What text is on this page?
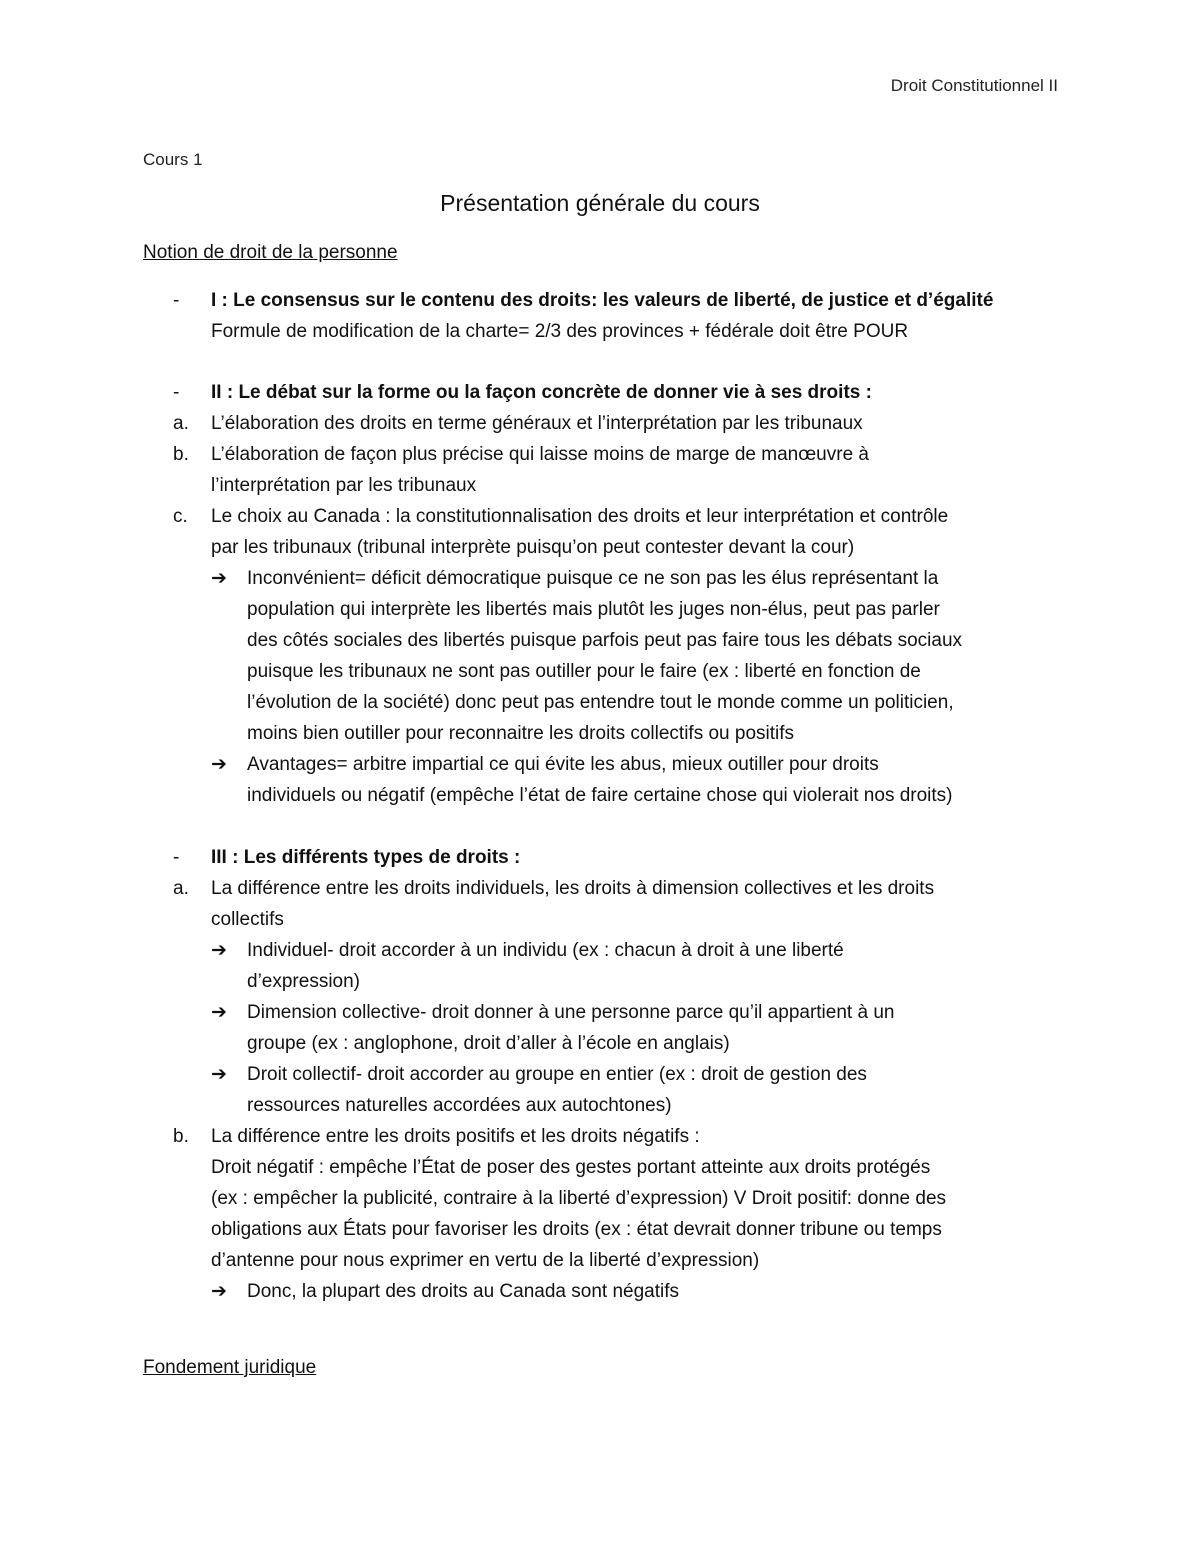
Droit Constitutionnel II

Cours 1

Présentation générale du cours

Notion de droit de la personne

-	I : Le consensus sur le contenu des droits: les valeurs de liberté, de justice et d’égalité
Formule de modification de la charte= 2/3 des provinces + fédérale doit être POUR
-	II : Le débat sur la forme ou la façon concrète de donner vie à ses droits :
a.	L’élaboration des droits en terme généraux et l’interprétation par les tribunaux
b.	L’élaboration de façon plus précise qui laisse moins de marge de manœuvre à
l’interprétation par les tribunaux
c.	Le choix au Canada : la constitutionnalisation des droits et leur interprétation et contrôle
par les tribunaux (tribunal interprète puisqu’on peut contester devant la cour)
➔	Inconvénient= déficit démocratique puisque ce ne son pas les élus représentant la
population qui interprète les libertés mais plutôt les juges non-élus, peut pas parler
des côtés sociales des libertés puisque parfois peut pas faire tous les débats sociaux
puisque les tribunaux ne sont pas outiller pour le faire (ex : liberté en fonction de
l’évolution de la société) donc peut pas entendre tout le monde comme un politicien,
moins bien outiller pour reconnaitre les droits collectifs ou positifs
➔	Avantages= arbitre impartial ce qui évite les abus, mieux outiller pour droits
individuels ou négatif (empêche l’état de faire certaine chose qui violerait nos droits)
-	III : Les différents types de droits :
a.	La différence entre les droits individuels, les droits à dimension collectives et les droits
collectifs
➔	Individuel- droit accorder à un individu (ex : chacun à droit à une liberté
d’expression)
➔	Dimension collective- droit donner à une personne parce qu’il appartient à un
groupe (ex : anglophone, droit d’aller à l’école en anglais)
➔	Droit collectif- droit accorder au groupe en entier (ex : droit de gestion des
ressources naturelles accordées aux autochtones)
b.	La différence entre les droits positifs et les droits négatifs :
Droit négatif : empêche l’État de poser des gestes portant atteinte aux droits protégés
(ex : empêcher la publicité, contraire à la liberté d’expression) V Droit positif: donne des
obligations aux États pour favoriser les droits (ex : état devrait donner tribune ou temps
d’antenne pour nous exprimer en vertu de la liberté d’expression)
➔	Donc, la plupart des droits au Canada sont négatifs

Fondement juridique
